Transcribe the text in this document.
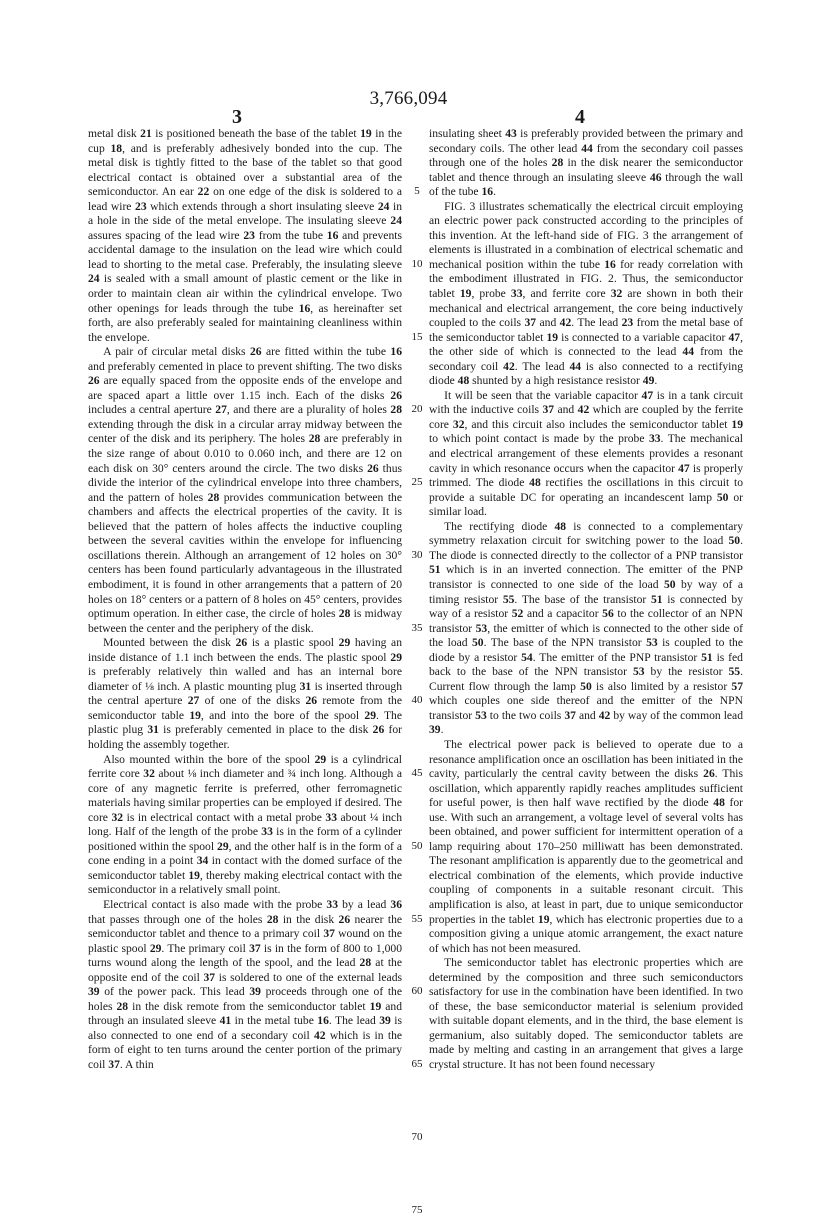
3,766,094
3	4

metal disk 21 is positioned beneath the base of the tablet 19 in the cup 18, and is preferably adhesively bonded into the cup. The metal disk is tightly fitted to the base of the tablet so that good electrical contact is obtained over a substantial area of the semiconductor. An ear 22 on one edge of the disk is soldered to a lead wire 23 which extends through a short insulating sleeve 24 in a hole in the side of the metal envelope. The insulating sleeve 24 assures spacing of the lead wire 23 from the tube 16 and prevents accidental damage to the insulation on the lead wire which could lead to shorting to the metal case. Preferably, the insulating sleeve 24 is sealed with a small amount of plastic cement or the like in order to maintain clean air within the cylindrical envelope. Two other openings for leads through the tube 16, as hereinafter set forth, are also preferably sealed for maintaining cleanliness within the envelope.

A pair of circular metal disks 26 are fitted within the tube 16 and preferably cemented in place to prevent shifting. The two disks 26 are equally spaced from the opposite ends of the envelope and are spaced apart a little over 1.15 inch. Each of the disks 26 includes a central aperture 27, and there are a plurality of holes 28 extending through the disk in a circular array midway between the center of the disk and its periphery. The holes 28 are preferably in the size range of about 0.010 to 0.060 inch, and there are 12 on each disk on 30° centers around the circle. The two disks 26 thus divide the interior of the cylindrical envelope into three chambers, and the pattern of holes 28 provides communication between the chambers and affects the electrical properties of the cavity. It is believed that the pattern of holes affects the inductive coupling between the several cavities within the envelope for influencing oscillations therein. Although an arrangement of 12 holes on 30° centers has been found particularly advantageous in the illustrated embodiment, it is found in other arrangements that a pattern of 20 holes on 18° centers or a pattern of 8 holes on 45° centers, provides optimum operation. In either case, the circle of holes 28 is midway between the center and the periphery of the disk.

Mounted between the disk 26 is a plastic spool 29 having an inside distance of 1.1 inch between the ends. The plastic spool 29 is preferably relatively thin walled and has an internal bore diameter of ⅛ inch. A plastic mounting plug 31 is inserted through the central aperture 27 of one of the disks 26 remote from the semiconductor table 19, and into the bore of the spool 29. The plastic plug 31 is preferably cemented in place to the disk 26 for holding the assembly together.

Also mounted within the bore of the spool 29 is a cylindrical ferrite core 32 about ⅛ inch diameter and ¾ inch long. Although a core of any magnetic ferrite is preferred, other ferromagnetic materials having similar properties can be employed if desired. The core 32 is in electrical contact with a metal probe 33 about ¼ inch long. Half of the length of the probe 33 is in the form of a cylinder positioned within the spool 29, and the other half is in the form of a cone ending in a point 34 in contact with the domed surface of the semiconductor tablet 19, thereby making electrical contact with the semiconductor in a relatively small point.

Electrical contact is also made with the probe 33 by a lead 36 that passes through one of the holes 28 in the disk 26 nearer the semiconductor tablet and thence to a primary coil 37 wound on the plastic spool 29. The primary coil 37 is in the form of 800 to 1,000 turns wound along the length of the spool, and the lead 28 at the opposite end of the coil 37 is soldered to one of the external leads 39 of the power pack. This lead 39 proceeds through one of the holes 28 in the disk remote from the semiconductor tablet 19 and through an insulated sleeve 41 in the metal tube 16. The lead 39 is also connected to one end of a secondary coil 42 which is in the form of eight to ten turns around the center portion of the primary coil 37. A thin

5
10
15
20
25
30
35
40
45
50
55
60
65
70
75

insulating sheet 43 is preferably provided between the primary and secondary coils. The other lead 44 from the secondary coil passes through one of the holes 28 in the disk nearer the semiconductor tablet and thence through an insulating sleeve 46 through the wall of the tube 16.

FIG. 3 illustrates schematically the electrical circuit employing an electric power pack constructed according to the principles of this invention. At the left-hand side of FIG. 3 the arrangement of elements is illustrated in a combination of electrical schematic and mechanical position within the tube 16 for ready correlation with the embodiment illustrated in FIG. 2. Thus, the semiconductor tablet 19, probe 33, and ferrite core 32 are shown in both their mechanical and electrical arrangement, the core being inductively coupled to the coils 37 and 42. The lead 23 from the metal base of the semiconductor tablet 19 is connected to a variable capacitor 47, the other side of which is connected to the lead 44 from the secondary coil 42. The lead 44 is also connected to a rectifying diode 48 shunted by a high resistance resistor 49.

It will be seen that the variable capacitor 47 is in a tank circuit with the inductive coils 37 and 42 which are coupled by the ferrite core 32, and this circuit also includes the semiconductor tablet 19 to which point contact is made by the probe 33. The mechanical and electrical arrangement of these elements provides a resonant cavity in which resonance occurs when the capacitor 47 is properly trimmed. The diode 48 rectifies the oscillations in this circuit to provide a suitable DC for operating an incandescent lamp 50 or similar load.

The rectifying diode 48 is connected to a complementary symmetry relaxation circuit for switching power to the load 50. The diode is connected directly to the collector of a PNP transistor 51 which is in an inverted connection. The emitter of the PNP transistor is connected to one side of the load 50 by way of a timing resistor 55. The base of the transistor 51 is connected by way of a resistor 52 and a capacitor 56 to the collector of an NPN transistor 53, the emitter of which is connected to the other side of the load 50. The base of the NPN transistor 53 is coupled to the diode by a resistor 54. The emitter of the PNP transistor 51 is fed back to the base of the NPN transistor 53 by the resistor 55. Current flow through the lamp 50 is also limited by a resistor 57 which couples one side thereof and the emitter of the NPN transistor 53 to the two coils 37 and 42 by way of the common lead 39.

The electrical power pack is believed to operate due to a resonance amplification once an oscillation has been initiated in the cavity, particularly the central cavity between the disks 26. This oscillation, which apparently rapidly reaches amplitudes sufficient for useful power, is then half wave rectified by the diode 48 for use. With such an arrangement, a voltage level of several volts has been obtained, and power sufficient for intermittent operation of a lamp requiring about 170–250 milliwatt has been demonstrated. The resonant amplification is apparently due to the geometrical and electrical combination of the elements, which provide inductive coupling of components in a suitable resonant circuit. This amplification is also, at least in part, due to unique semiconductor properties in the tablet 19, which has electronic properties due to a composition giving a unique atomic arrangement, the exact nature of which has not been measured.

The semiconductor tablet has electronic properties which are determined by the composition and three such semiconductors satisfactory for use in the combination have been identified. In two of these, the base semiconductor material is selenium provided with suitable dopant elements, and in the third, the base element is germanium, also suitably doped. The semiconductor tablets are made by melting and casting in an arrangement that gives a large crystal structure. It has not been found necessary
